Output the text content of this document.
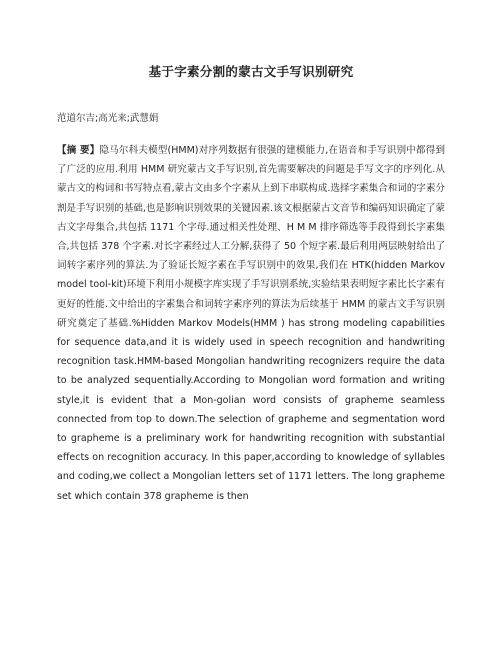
基于字素分割的蒙古文手写识别研究
范道尔吉;高光来;武慧娟

【摘 要】隐马尔科夫模型(HMM)对序列数据有很强的建模能力,在语音和手写识别中都得到了广泛的应用.利用 HMM 研究蒙古文手写识别,首先需要解决的问题是手写文字的序列化.从蒙古文的构词和书写特点看,蒙古文由多个字素从上到下串联构成.选择字素集合和词的字素分割是手写识别的基础,也是影响识别效果的关键因素.该文根据蒙古文音节和编码知识确定了蒙古文字母集合,共包括 1171 个字母.通过相关性处理、H M M 排序筛选等手段得到长字素集合,共包括 378 个字素.对长字素经过人工分解,获得了 50 个短字素.最后利用两层映射给出了词转字素序列的算法.为了验证长短字素在手写识别中的效果,我们在 HTK(hidden Markov model tool-kit)环境下利用小规模字库实现了手写识别系统,实验结果表明短字素比长字素有更好的性能.文中给出的字素集合和词转字素序列的算法为后续基于 HMM 的蒙古文手写识别研究奠定了基础.%Hidden Markov Models(HMM ) has strong modeling capabilities for sequence data,and it is widely used in speech recognition and handwriting recognition task.HMM-based Mongolian handwriting recognizers require the data to be analyzed sequentially.According to Mongolian word formation and writing style,it is evident that a Mon-golian word consists of grapheme seamless connected from top to down.The selection of grapheme and segmentation word to grapheme is a preliminary work for handwriting recognition with substantial effects on recognition accuracy. In this paper,according to knowledge of syllables and coding,we collect a Mongolian letters set of 1171 letters. The long grapheme set which contain 378 grapheme is then
